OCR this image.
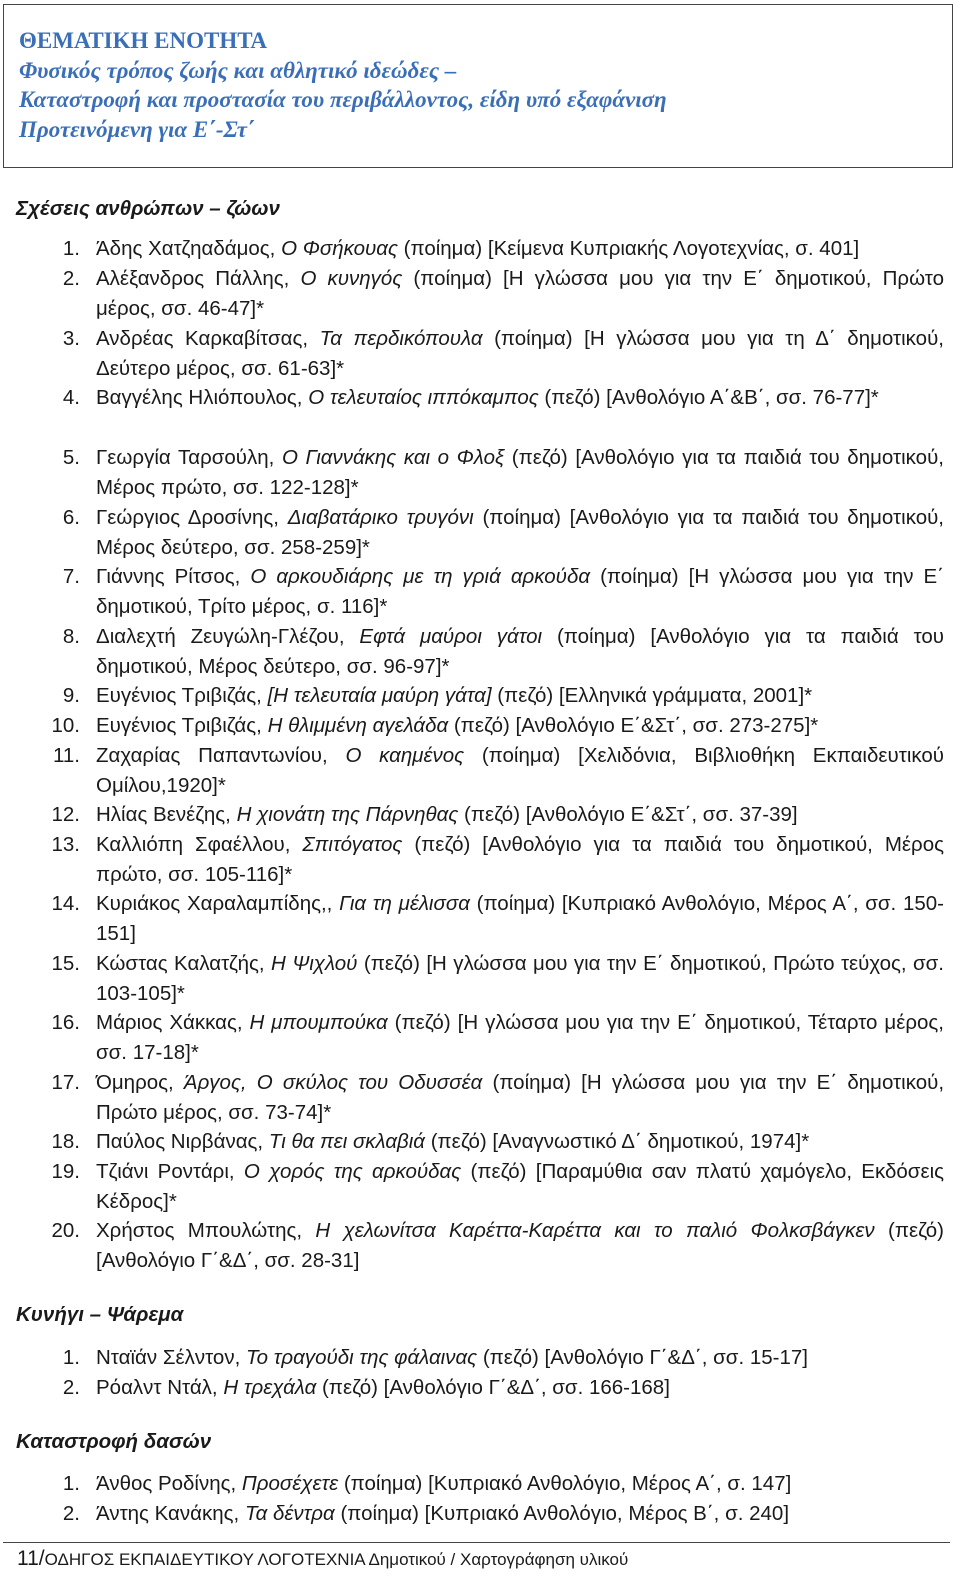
ΘΕΜΑΤΙΚΗ ΕΝΟΤΗΤΑ
Φυσικός τρόπος ζωής και αθλητικό ιδεώδες –
Καταστροφή και προστασία του περιβάλλοντος, είδη υπό εξαφάνιση
Προτεινόμενη για Ε΄-Στ΄
Σχέσεις ανθρώπων – ζώων
1. Άδης Χατζηαδάμος, Ο Φσήκουας (ποίημα) [Κείμενα Κυπριακής Λογοτεχνίας, σ. 401]
2. Αλέξανδρος Πάλλης, Ο κυνηγός (ποίημα) [Η γλώσσα μου για την Ε΄ δημοτικού, Πρώτο μέρος, σσ. 46-47]*
3. Ανδρέας Καρκαβίτσας, Τα περδικόπουλα (ποίημα) [Η γλώσσα μου για τη Δ΄ δημοτικού, Δεύτερο μέρος, σσ. 61-63]*
4. Βαγγέλης Ηλιόπουλος, Ο τελευταίος ιππόκαμπος (πεζό) [Ανθολόγιο Α΄&Β΄, σσ. 76-77]*
5. Γεωργία Ταρσούλη, Ο Γιαννάκης και ο Φλοξ (πεζό) [Ανθολόγιο για τα παιδιά του δημοτικού, Μέρος πρώτο, σσ. 122-128]*
6. Γεώργιος Δροσίνης, Διαβατάρικο τρυγόνι (ποίημα) [Ανθολόγιο για τα παιδιά του δημοτικού, Μέρος δεύτερο, σσ. 258-259]*
7. Γιάννης Ρίτσος, Ο αρκουδιάρης με τη γριά αρκούδα (ποίημα) [Η γλώσσα μου για την Ε΄ δημοτικού, Τρίτο μέρος, σ. 116]*
8. Διαλεχτή Ζευγώλη-Γλέζου, Εφτά μαύροι γάτοι (ποίημα) [Ανθολόγιο για τα παιδιά του δημοτικού, Μέρος δεύτερο, σσ. 96-97]*
9. Ευγένιος Τριβιζάς, [Η τελευταία μαύρη γάτα] (πεζό) [Ελληνικά γράμματα, 2001]*
10. Ευγένιος Τριβιζάς, Η θλιμμένη αγελάδα (πεζό) [Ανθολόγιο Ε΄&Στ΄, σσ. 273-275]*
11. Ζαχαρίας Παπαντωνίου, Ο καημένος (ποίημα) [Χελιδόνια, Βιβλιοθήκη Εκπαιδευτικού Ομίλου,1920]*
12. Ηλίας Βενέζης, Η χιονάτη της Πάρνηθας (πεζό) [Ανθολόγιο Ε΄&Στ΄, σσ. 37-39]
13. Καλλιόπη Σφαέλλου, Σπιτόγατος (πεζό) [Ανθολόγιο για τα παιδιά του δημοτικού, Μέρος πρώτο, σσ. 105-116]*
14. Κυριάκος Χαραλαμπίδης,, Για τη μέλισσα (ποίημα) [Κυπριακό Ανθολόγιο, Μέρος Α΄, σσ. 150-151]
15. Κώστας Καλατζής, Η Ψιχλού (πεζό) [Η γλώσσα μου για την Ε΄ δημοτικού, Πρώτο τεύχος, σσ. 103-105]*
16. Μάριος Χάκκας, Η μπουμπούκα (πεζό) [Η γλώσσα μου για την Ε΄ δημοτικού, Τέταρτο μέρος, σσ. 17-18]*
17. Όμηρος, Άργος, Ο σκύλος του Οδυσσέα (ποίημα) [Η γλώσσα μου για την Ε΄ δημοτικού, Πρώτο μέρος, σσ. 73-74]*
18. Παύλος Νιρβάνας, Τι θα πει σκλαβιά (πεζό) [Αναγνωστικό Δ΄ δημοτικού, 1974]*
19. Τζιάνι Ροντάρι, Ο χορός της αρκούδας (πεζό) [Παραμύθια σαν πλατύ χαμόγελο, Εκδόσεις Κέδρος]*
20. Χρήστος Μπουλώτης, Η χελωνίτσα Καρέττα-Καρέττα και το παλιό Φολκσβάγκεν (πεζό) [Ανθολόγιο Γ΄&Δ΄, σσ. 28-31]
Κυνήγι – Ψάρεμα
1. Νταϊάν Σέλντον, Το τραγούδι της φάλαινας (πεζό) [Ανθολόγιο Γ΄&Δ΄, σσ. 15-17]
2. Ρόαλντ Ντάλ, Η τρεχάλα (πεζό) [Ανθολόγιο Γ΄&Δ΄, σσ. 166-168]
Καταστροφή δασών
1. Άνθος Ροδίνης, Προσέχετε (ποίημα) [Κυπριακό Ανθολόγιο, Μέρος Α΄, σ. 147]
2. Άντης Κανάκης, Τα δέντρα (ποίημα) [Κυπριακό Ανθολόγιο, Μέρος Β΄, σ. 240]
11/ΟΔΗΓΟΣ ΕΚΠΑΙΔΕΥΤΙΚΟΥ ΛΟΓΟΤΕΧΝΙΑ Δημοτικού / Χαρτογράφηση υλικού
